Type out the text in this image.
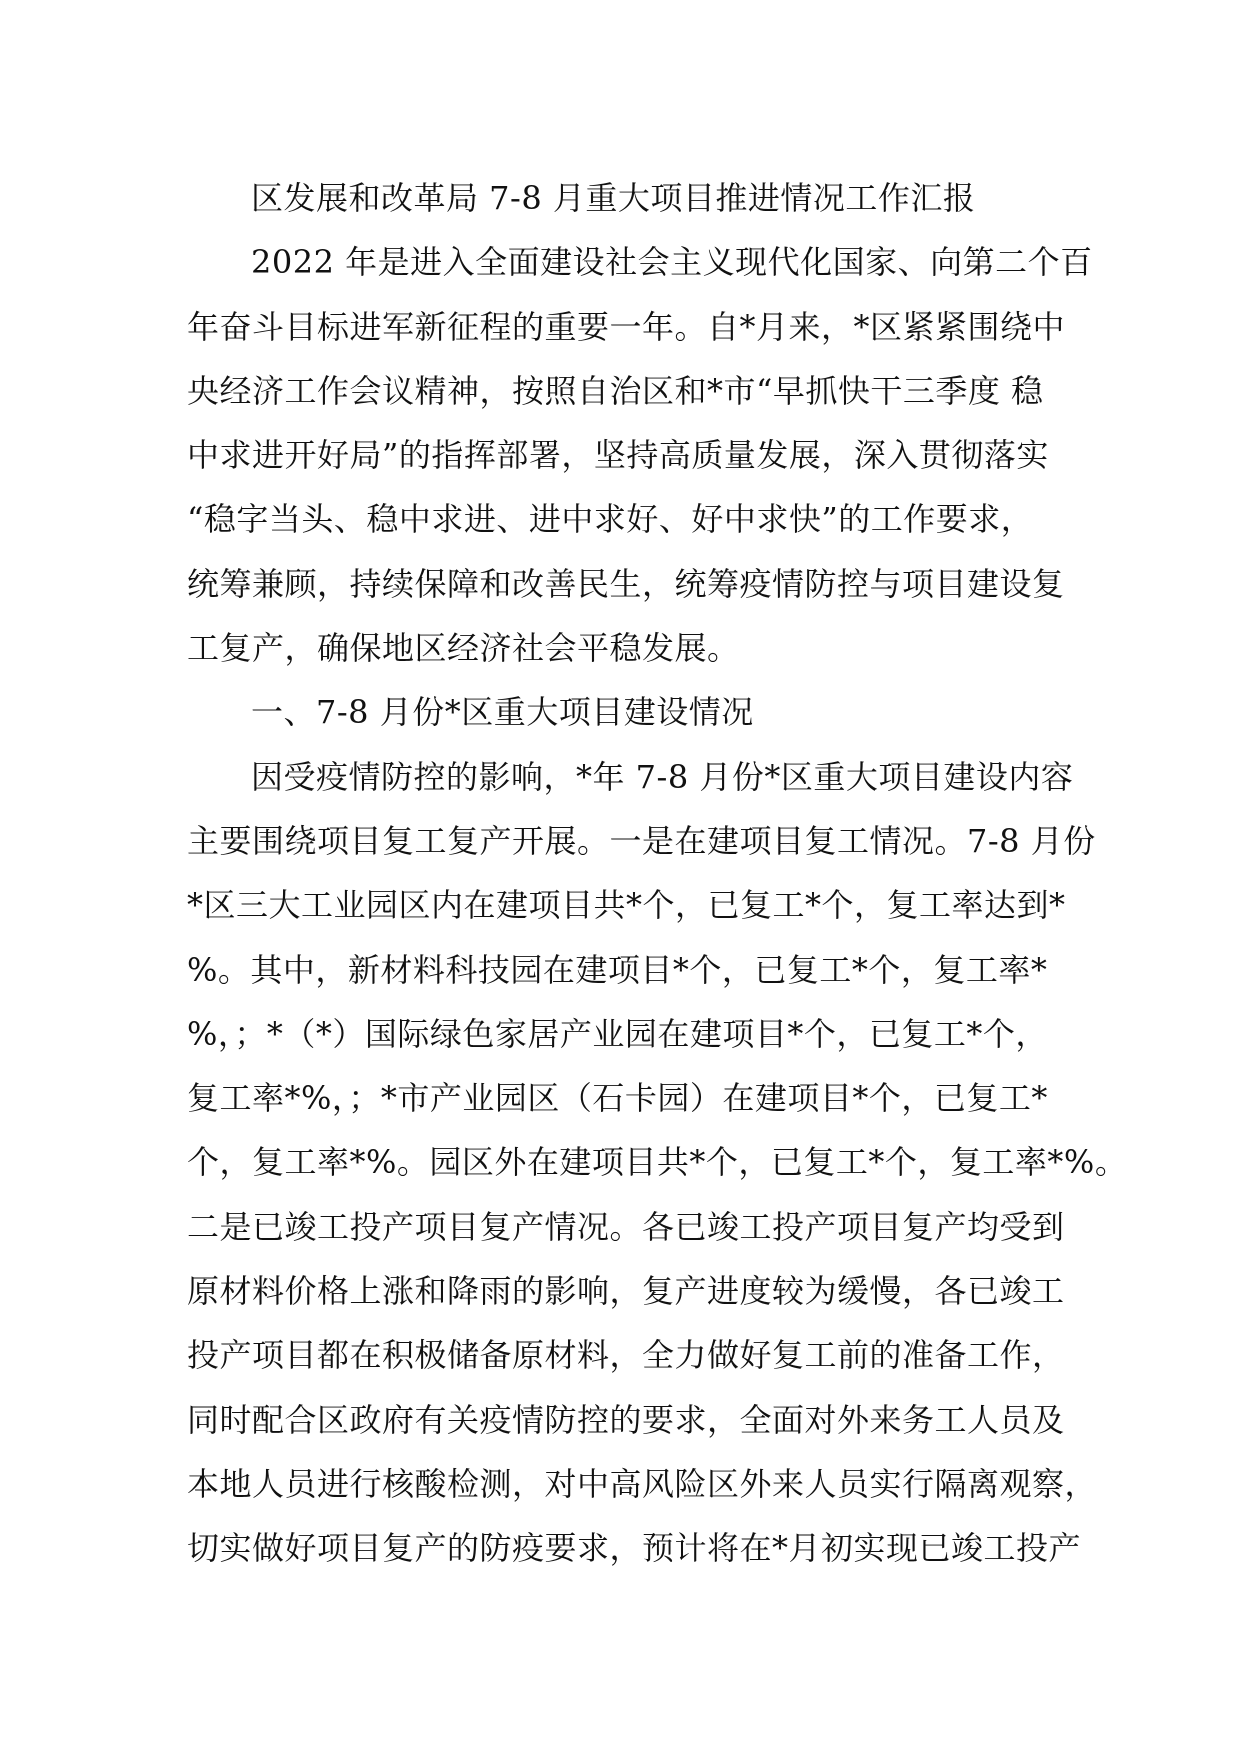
区发展和改革局 7-8 月重大项目推进情况工作汇报
2022 年是进入全面建设社会主义现代化国家、向第二个百
年奋斗目标进军新征程的重要一年。自*月来，*区紧紧围绕中
央经济工作会议精神，按照自治区和*市“早抓快干三季度 稳
中求进开好局”的指挥部署，坚持高质量发展，深入贯彻落实
“稳字当头、稳中求进、进中求好、好中求快”的工作要求，
统筹兼顾，持续保障和改善民生，统筹疫情防控与项目建设复
工复产，确保地区经济社会平稳发展。
一、7-8 月份*区重大项目建设情况
因受疫情防控的影响，*年 7-8 月份*区重大项目建设内容
主要围绕项目复工复产开展。一是在建项目复工情况。7-8 月份
*区三大工业园区内在建项目共*个，已复工*个，复工率达到*
%。其中，新材料科技园在建项目*个，已复工*个，复工率*
%，；*（*）国际绿色家居产业园在建项目*个，已复工*个，
复工率*%，；*市产业园区（石卡园）在建项目*个，已复工*
个，复工率*%。园区外在建项目共*个，已复工*个，复工率*%。
二是已竣工投产项目复产情况。各已竣工投产项目复产均受到
原材料价格上涨和降雨的影响，复产进度较为缓慢，各已竣工
投产项目都在积极储备原材料，全力做好复工前的准备工作，
同时配合区政府有关疫情防控的要求，全面对外来务工人员及
本地人员进行核酸检测，对中高风险区外来人员实行隔离观察，
切实做好项目复产的防疫要求，预计将在*月初实现已竣工投产
